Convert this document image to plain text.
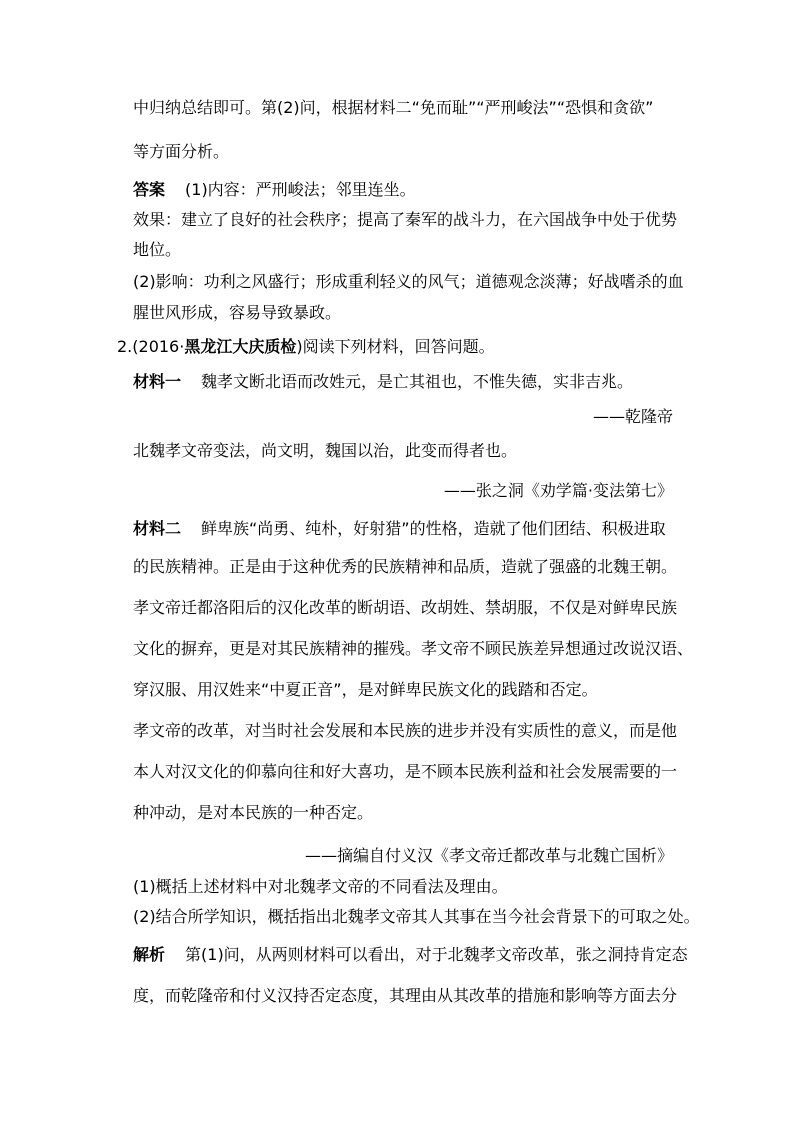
中归纳总结即可。第(2)问，根据材料二“免而耻”“严刑峻法”“恐惧和贪欲”
等方面分析。
答案 (1)内容：严刑峻法；邻里连坐。
效果：建立了良好的社会秩序；提高了秦军的战斗力，在六国战争中处于优势
地位。
(2)影响：功利之风盛行；形成重利轻义的风气；道德观念淡薄；好战嗜杀的血
腥世风形成，容易导致暴政。
2.(2016·黑龙江大庆质检)阅读下列材料，回答问题。
材料一 魏孝文断北语而改姓元，是亡其祖也，不惟失德，实非吉兆。
——乾隆帝
北魏孝文帝变法，尚文明，魏国以治，此变而得者也。
——张之洞《劝学篇·变法第七》
材料二 鲜卑族“尚勇、纯朴，好射猎”的性格，造就了他们团结、积极进取
的民族精神。正是由于这种优秀的民族精神和品质，造就了强盛的北魏王朝。
孝文帝迁都洛阳后的汉化改革的断胡语、改胡姓、禁胡服，不仅是对鲜卑民族
文化的摒弃，更是对其民族精神的摧残。孝文帝不顾民族差异想通过改说汉语、
穿汉服、用汉姓来“中夏正音”，是对鲜卑民族文化的践踏和否定。
孝文帝的改革，对当时社会发展和本民族的进步并没有实质性的意义，而是他
本人对汉文化的仰慕向往和好大喜功，是不顾本民族利益和社会发展需要的一
种冲动，是对本民族的一种否定。
——摘编自付义汉《孝文帝迁都改革与北魏亡国析》
(1)概括上述材料中对北魏孝文帝的不同看法及理由。
(2)结合所学知识，概括指出北魏孝文帝其人其事在当今社会背景下的可取之处。
解析 第(1)问，从两则材料可以看出，对于北魏孝文帝改革，张之洞持肯定态
度，而乾隆帝和付义汉持否定态度，其理由从其改革的措施和影响等方面去分
